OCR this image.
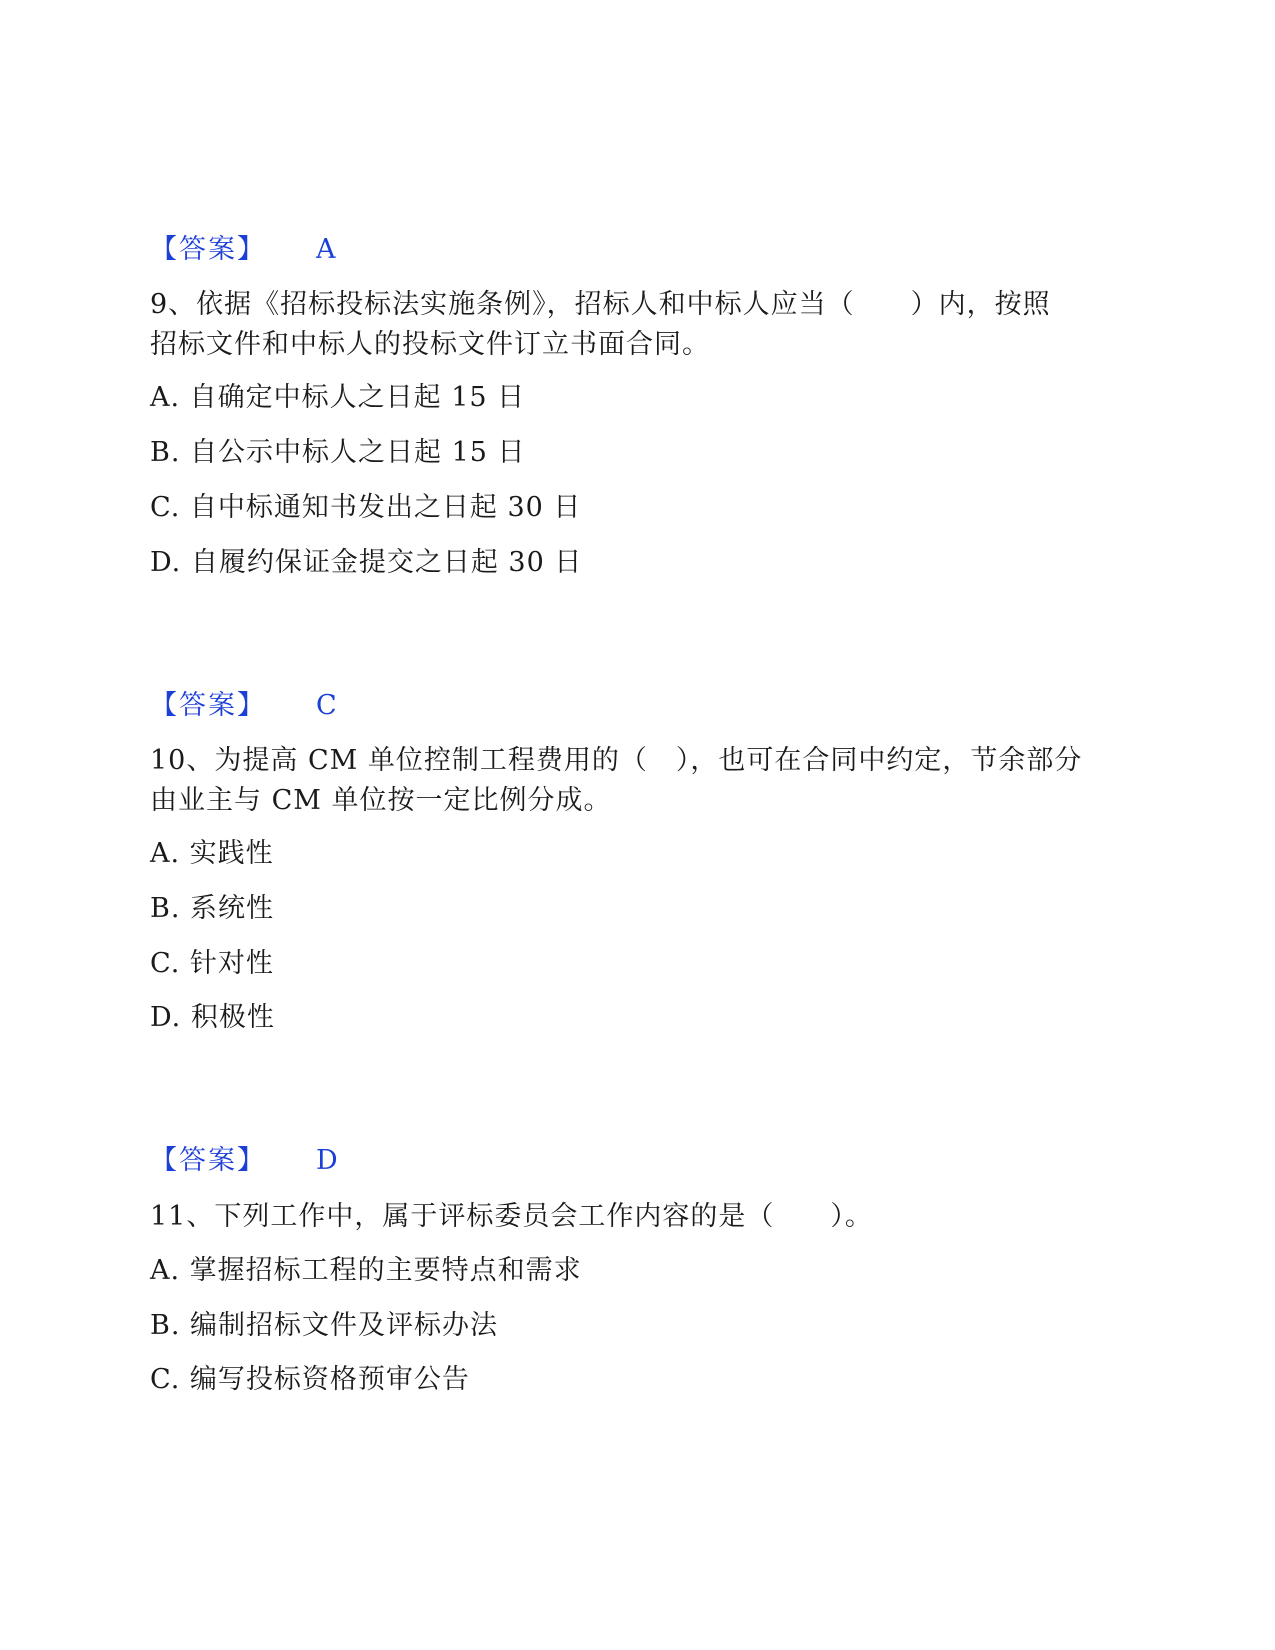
【答案】 A
9、依据《招标投标法实施条例》，招标人和中标人应当（　　）内，按照
招标文件和中标人的投标文件订立书面合同。
A. 自确定中标人之日起 15 日
B. 自公示中标人之日起 15 日
C. 自中标通知书发出之日起 30 日
D. 自履约保证金提交之日起 30 日
【答案】 C
10、为提高 CM 单位控制工程费用的（　），也可在合同中约定，节余部分
由业主与 CM 单位按一定比例分成。
A. 实践性
B. 系统性
C. 针对性
D. 积极性
【答案】 D
11、下列工作中，属于评标委员会工作内容的是（　　）。
A. 掌握招标工程的主要特点和需求
B. 编制招标文件及评标办法
C. 编写投标资格预审公告
